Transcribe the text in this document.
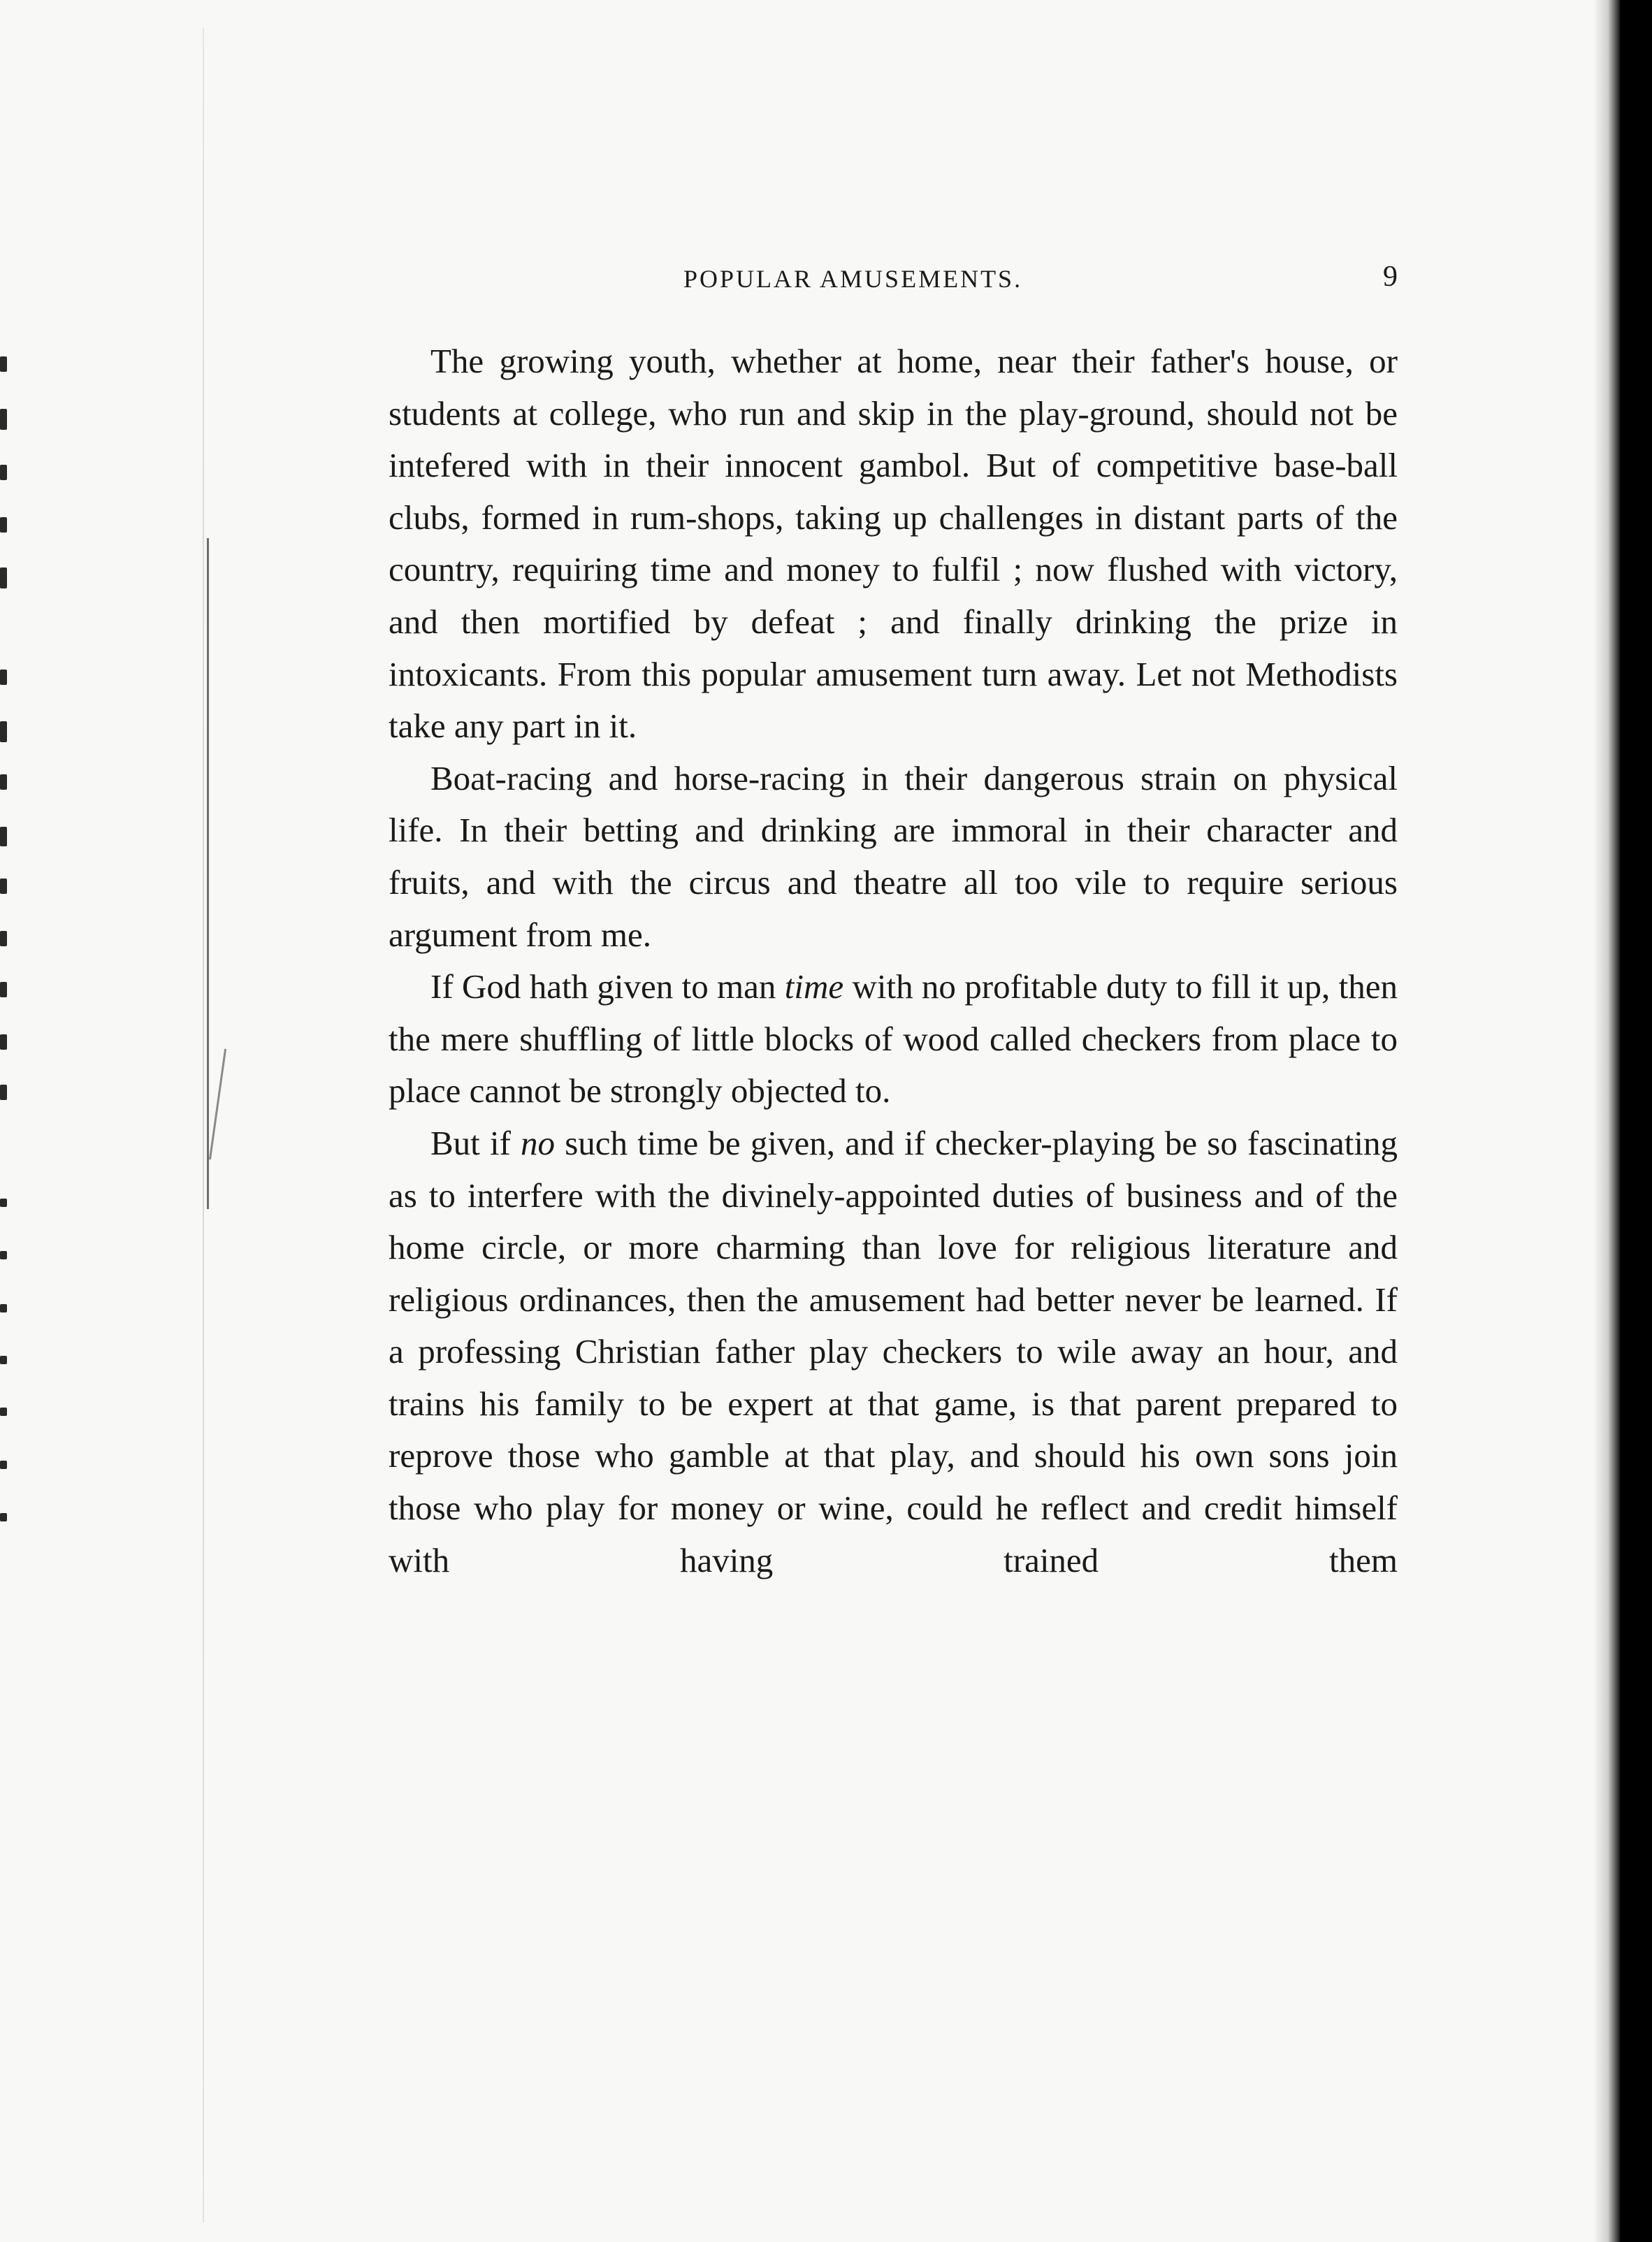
POPULAR AMUSEMENTS.	9

The growing youth, whether at home, near their father's house, or students at college, who run and skip in the play-ground, should not be intefered with in their innocent gambol. But of competitive base-ball clubs, formed in rum-shops, taking up challenges in distant parts of the country, requiring time and money to fulfil ; now flushed with victory, and then mortified by defeat ; and finally drinking the prize in intoxicants. From this popular amusement turn away. Let not Methodists take any part in it.

Boat-racing and horse-racing in their dangerous strain on physical life. In their betting and drinking are immoral in their character and fruits, and with the circus and theatre all too vile to require serious argument from me.

If God hath given to man time with no profitable duty to fill it up, then the mere shuffling of little blocks of wood called checkers from place to place cannot be strongly objected to.

But if no such time be given, and if checker-playing be so fascinating as to interfere with the divinely-appointed duties of business and of the home circle, or more charming than love for religious literature and religious ordinances, then the amusement had better never be learned. If a professing Christian father play checkers to wile away an hour, and trains his family to be expert at that game, is that parent prepared to reprove those who gamble at that play, and should his own sons join those who play for money or wine, could he reflect and credit himself with having trained them
